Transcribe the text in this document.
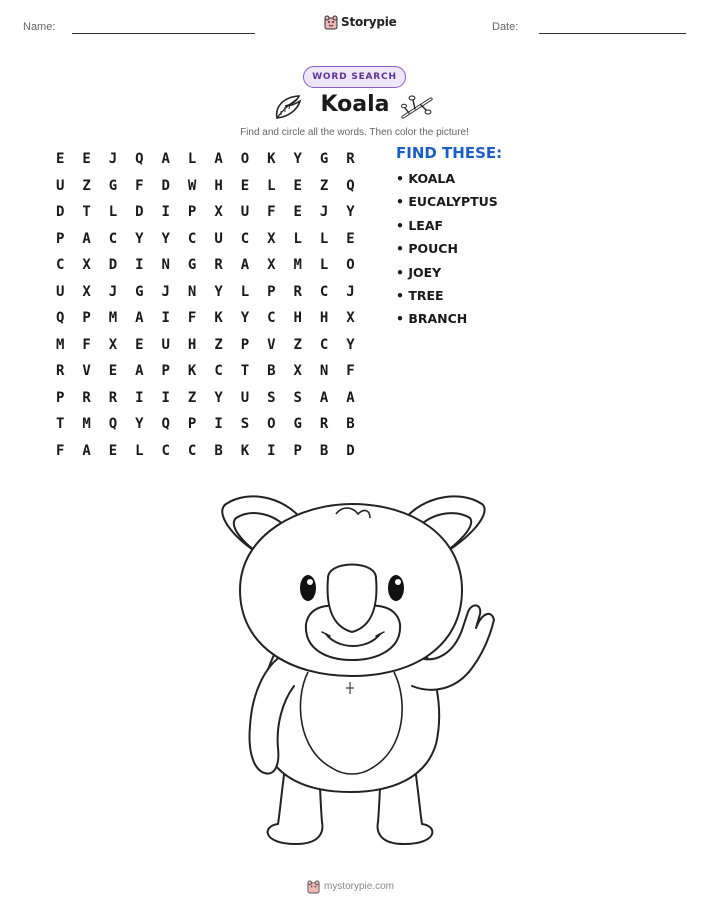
Name:	Storypie	Date:
WORD SEARCH
Koala
Find and circle all the words. Then color the picture!
E	E	J	Q	A	L	A	O	K	Y	G	R
U	Z	G	F	D	W	H	E	L	E	Z	Q
D	T	L	D	I	P	X	U	F	E	J	Y
P	A	C	Y	Y	C	U	C	X	L	L	E
C	X	D	I	N	G	R	A	X	M	L	O
U	X	J	G	J	N	Y	L	P	R	C	J
Q	P	M	A	I	F	K	Y	C	H	H	X
M	F	X	E	U	H	Z	P	V	Z	C	Y
R	V	E	A	P	K	C	T	B	X	N	F
P	R	R	I	I	Z	Y	U	S	S	A	A
T	M	Q	Y	Q	P	I	S	O	G	R	B
F	A	E	L	C	C	B	K	I	P	B	D
FIND THESE:
• KOALA
• EUCALYPTUS
• LEAF
• POUCH
• JOEY
• TREE
• BRANCH
mystorypie.com
